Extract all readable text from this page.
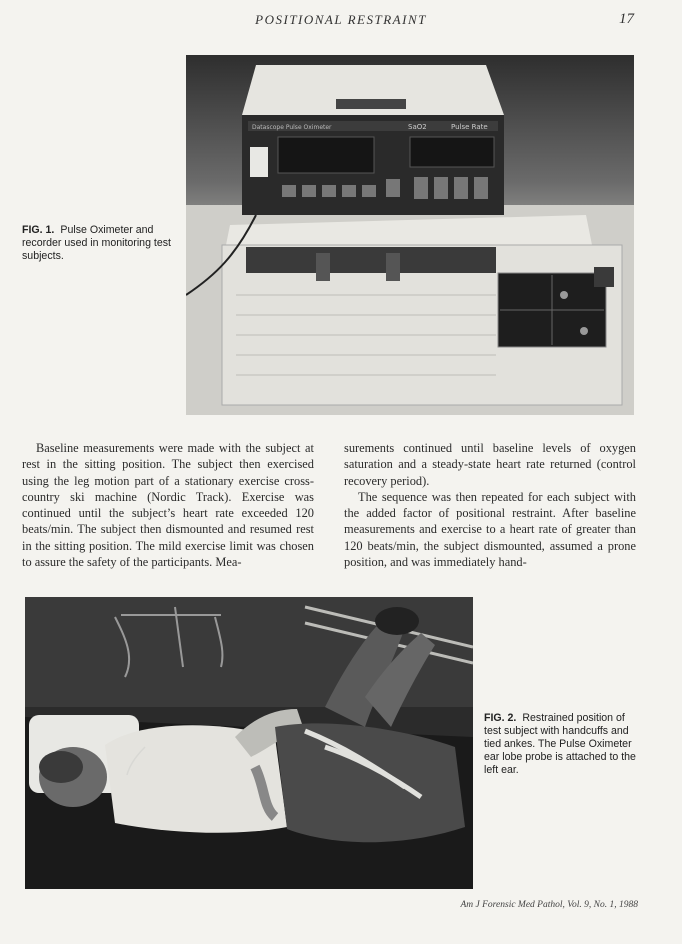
POSITIONAL RESTRAINT	17
Datascope Pulse Oximeter	SaO2	Pulse Rate
FIG. 1. Pulse Oximeter and recorder used in monitoring test subjects.

Baseline measurements were made with the subject at rest in the sitting position. The subject then exercised using the leg motion part of a stationary exercise cross-country ski machine (Nordic Track). Exercise was continued until the subject’s heart rate exceeded 120 beats/min. The subject then dismounted and resumed rest in the sitting position. The mild exercise limit was chosen to assure the safety of the participants. Mea-

surements continued until baseline levels of oxygen saturation and a steady-state heart rate returned (control recovery period).

The sequence was then repeated for each subject with the added factor of positional restraint. After baseline measurements and exercise to a heart rate of greater than 120 beats/min, the subject dismounted, assumed a prone position, and was immediately hand-

FIG. 2. Restrained position of test subject with handcuffs and tied ankes. The Pulse Oximeter ear lobe probe is attached to the left ear.
Am J Forensic Med Pathol, Vol. 9, No. 1, 1988
